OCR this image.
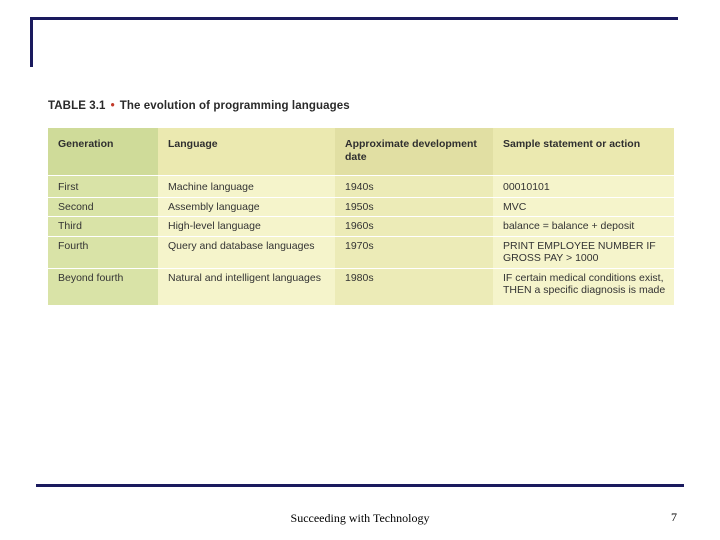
TABLE 3.1 • The evolution of programming languages
Generation	Language	Approximate development date	Sample statement or action
First	Machine language	1940s	00010101
Second	Assembly language	1950s	MVC
Third	High-level language	1960s	balance = balance + deposit
Fourth	Query and database languages	1970s	PRINT EMPLOYEE NUMBER IF GROSS PAY > 1000
Beyond fourth	Natural and intelligent languages	1980s	IF certain medical conditions exist, THEN a specific diagnosis is made
Succeeding with Technology	7
